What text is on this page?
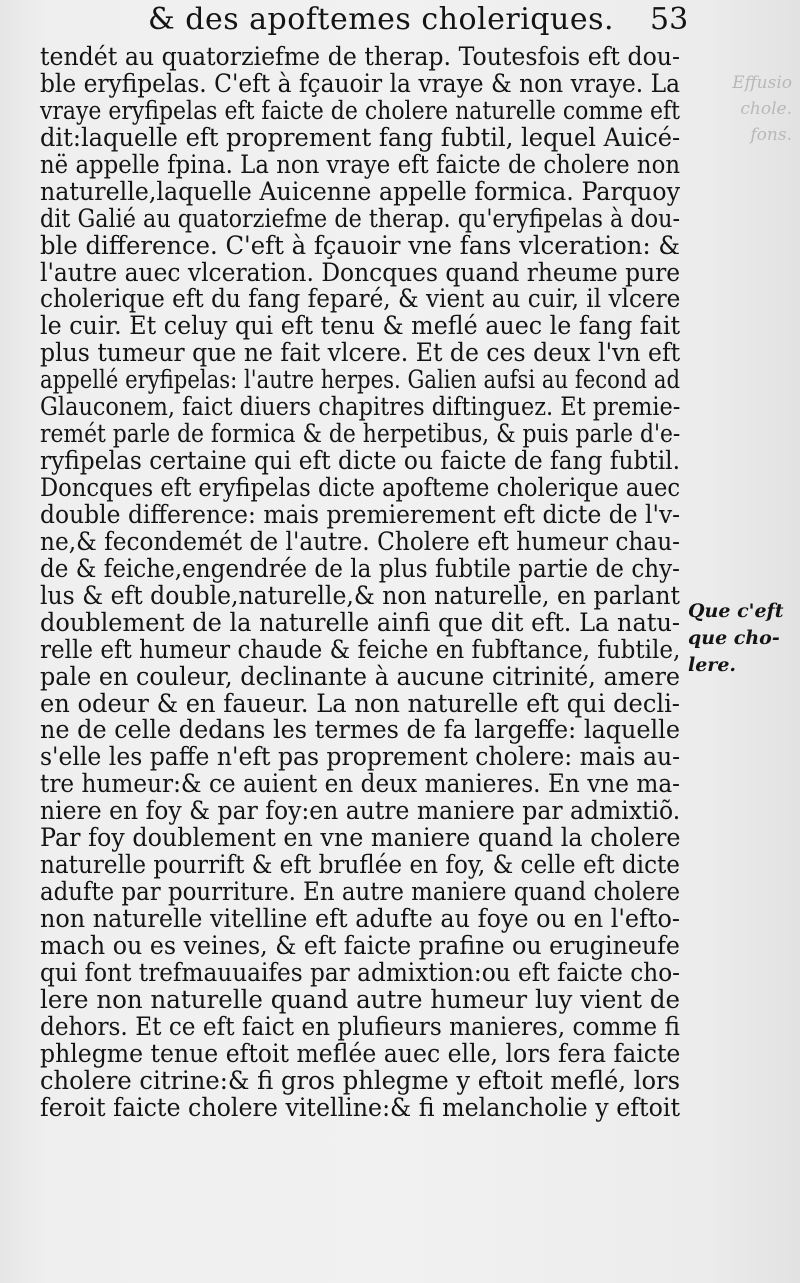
Effusio chole. fons.
& des apoftemes choleriques. 53
tendét au quatorziefme de therap. Toutesfois eft dou-
ble eryfipelas. C'eft à fçauoir la vraye & non vraye. La
vraye eryfipelas eft faicte de cholere naturelle comme eft
dit:laquelle eft proprement fang fubtil, lequel Auicé-
në appelle fpina. La non vraye eft faicte de cholere non
naturelle,laquelle Auicenne appelle formica. Parquoy
dit Galié au quatorziefme de therap. qu'eryfipelas à dou-
ble difference. C'eft à fçauoir vne fans vlceration: &
l'autre auec vlceration. Doncques quand rheume pure
cholerique eft du fang feparé, & vient au cuir, il vlcere
le cuir. Et celuy qui eft tenu & meflé auec le fang fait
plus tumeur que ne fait vlcere. Et de ces deux l'vn eft
appellé eryfipelas: l'autre herpes. Galien aufsi au fecond ad
Glauconem, faict diuers chapitres diftinguez. Et premie-
remét parle de formica & de herpetibus, & puis parle d'e-
ryfipelas certaine qui eft dicte ou faicte de fang fubtil.
Doncques eft eryfipelas dicte apofteme cholerique auec
double difference: mais premierement eft dicte de l'v-
ne,& fecondemét de l'autre. Cholere eft humeur chau-
de & feiche,engendrée de la plus fubtile partie de chy-
lus & eft double,naturelle,& non naturelle, en parlant
doublement de la naturelle ainfi que dit eft. La natu-
relle eft humeur chaude & feiche en fubftance, fubtile,
pale en couleur, declinante à aucune citrinité, amere
en odeur & en faueur. La non naturelle eft qui decli-
ne de celle dedans les termes de fa largeffe: laquelle
s'elle les paffe n'eft pas proprement cholere: mais au-
tre humeur:& ce auient en deux manieres. En vne ma-
niere en foy & par foy:en autre maniere par admixtiõ.
Par foy doublement en vne maniere quand la cholere
naturelle pourrift & eft bruflée en foy, & celle eft dicte
adufte par pourriture. En autre maniere quand cholere
non naturelle vitelline eft adufte au foye ou en l'efto-
mach ou es veines, & eft faicte prafine ou erugineufe
qui font trefmauuaifes par admixtion:ou eft faicte cho-
lere non naturelle quand autre humeur luy vient de
dehors. Et ce eft faict en plufieurs manieres, comme fi
phlegme tenue eftoit meflée auec elle, lors fera faicte
cholere citrine:& fi gros phlegme y eftoit meflé, lors
feroit faicte cholere vitelline:& fi melancholie y eftoit
Que c'eft
que cho-
lere.
